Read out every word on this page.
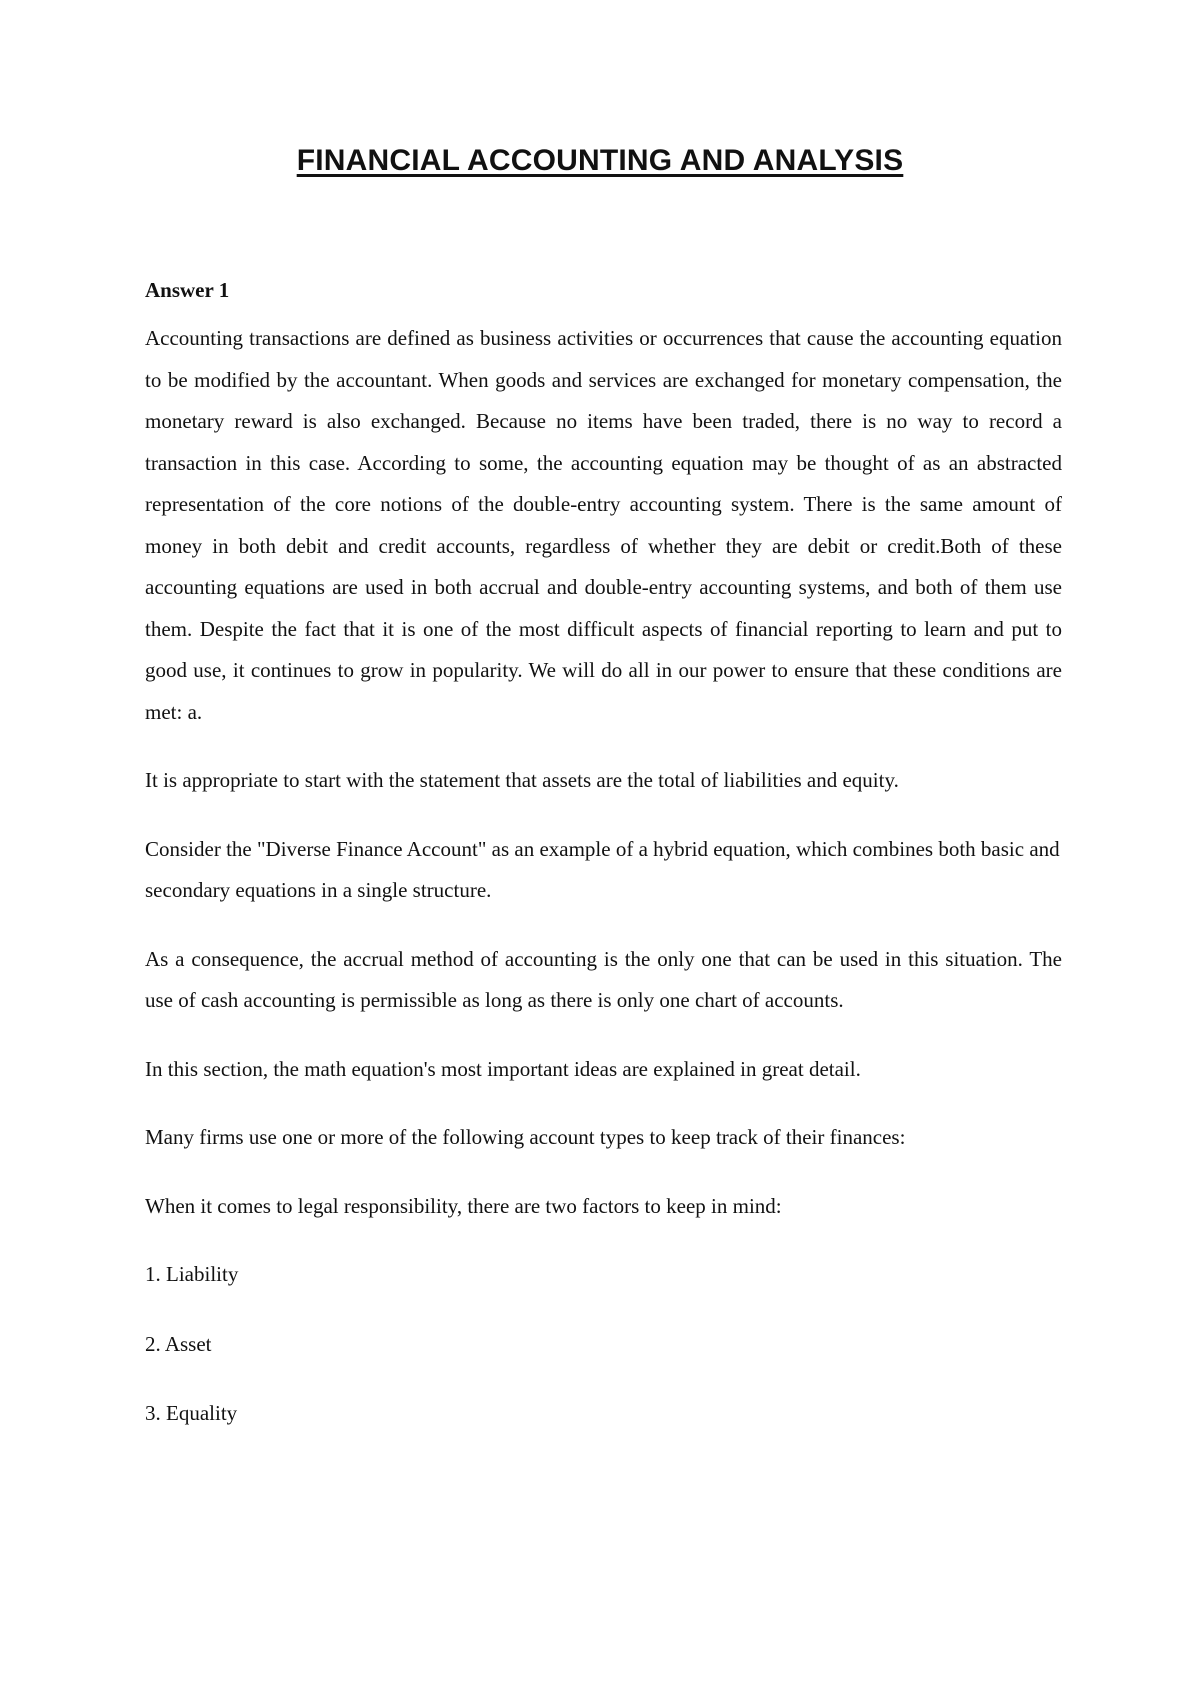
FINANCIAL ACCOUNTING AND ANALYSIS
Answer 1

Accounting transactions are defined as business activities or occurrences that cause the accounting equation to be modified by the accountant. When goods and services are exchanged for monetary compensation, the monetary reward is also exchanged. Because no items have been traded, there is no way to record a transaction in this case. According to some, the accounting equation may be thought of as an abstracted representation of the core notions of the double-entry accounting system. There is the same amount of money in both debit and credit accounts, regardless of whether they are debit or credit.Both of these accounting equations are used in both accrual and double-entry accounting systems, and both of them use them. Despite the fact that it is one of the most difficult aspects of financial reporting to learn and put to good use, it continues to grow in popularity. We will do all in our power to ensure that these conditions are met: a.

It is appropriate to start with the statement that assets are the total of liabilities and equity.

Consider the "Diverse Finance Account" as an example of a hybrid equation, which combines both basic and secondary equations in a single structure.

As a consequence, the accrual method of accounting is the only one that can be used in this situation. The use of cash accounting is permissible as long as there is only one chart of accounts.

In this section, the math equation's most important ideas are explained in great detail.

Many firms use one or more of the following account types to keep track of their finances:

When it comes to legal responsibility, there are two factors to keep in mind:

1. Liability
2. Asset
3. Equality
